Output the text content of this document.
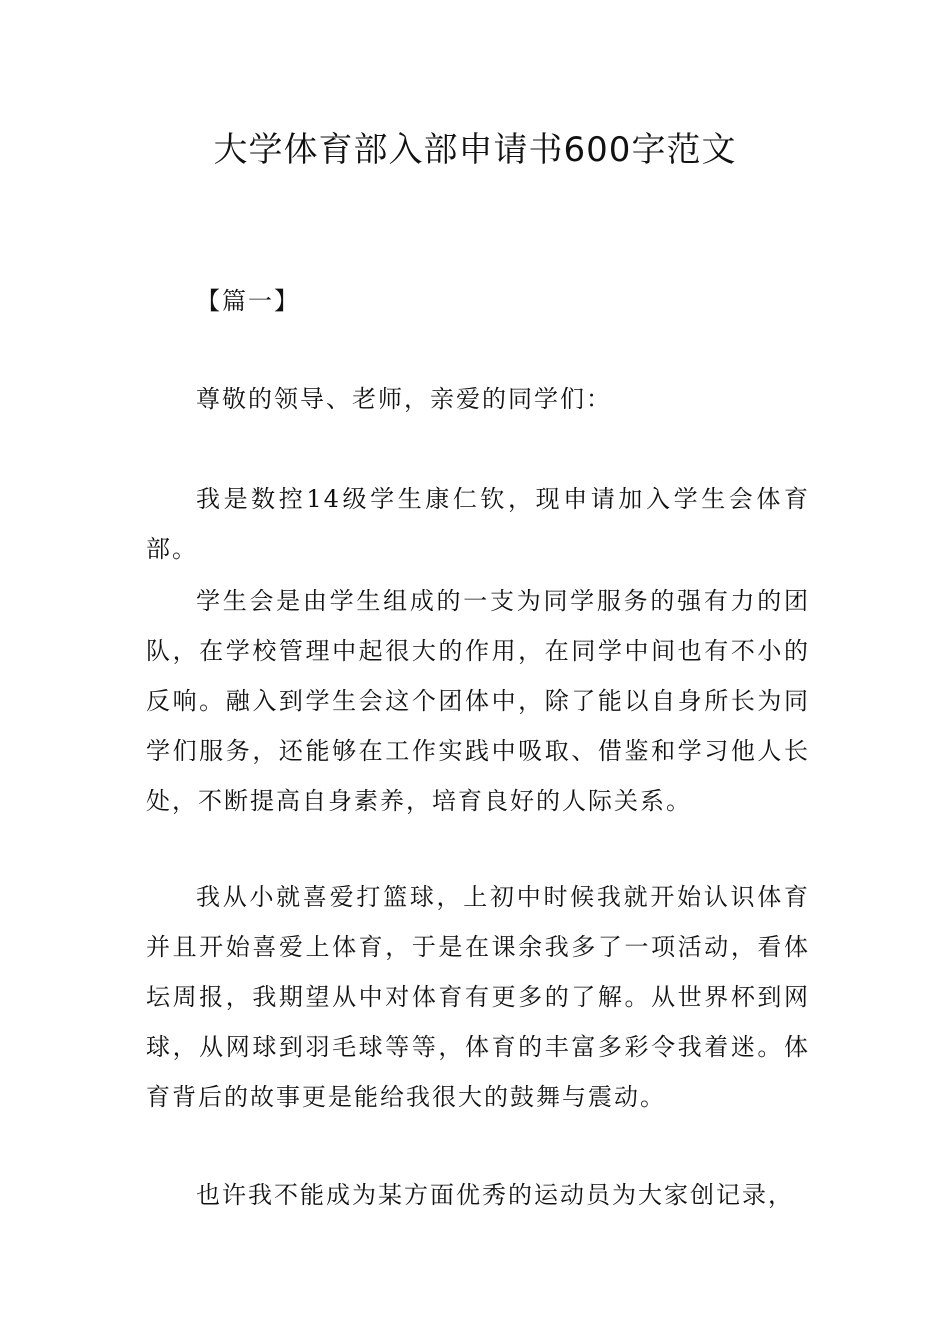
大学体育部入部申请书600字范文
【篇一】
尊敬的领导、老师，亲爱的同学们：
我是数控14级学生康仁钦，现申请加入学生会体育部。
学生会是由学生组成的一支为同学服务的强有力的团队，在学校管理中起很大的作用，在同学中间也有不小的反响。融入到学生会这个团体中，除了能以自身所长为同学们服务，还能够在工作实践中吸取、借鉴和学习他人长处，不断提高自身素养，培育良好的人际关系。
我从小就喜爱打篮球，上初中时候我就开始认识体育并且开始喜爱上体育，于是在课余我多了一项活动，看体坛周报，我期望从中对体育有更多的了解。从世界杯到网球，从网球到羽毛球等等，体育的丰富多彩令我着迷。体育背后的故事更是能给我很大的鼓舞与震动。
也许我不能成为某方面优秀的运动员为大家创记录，
